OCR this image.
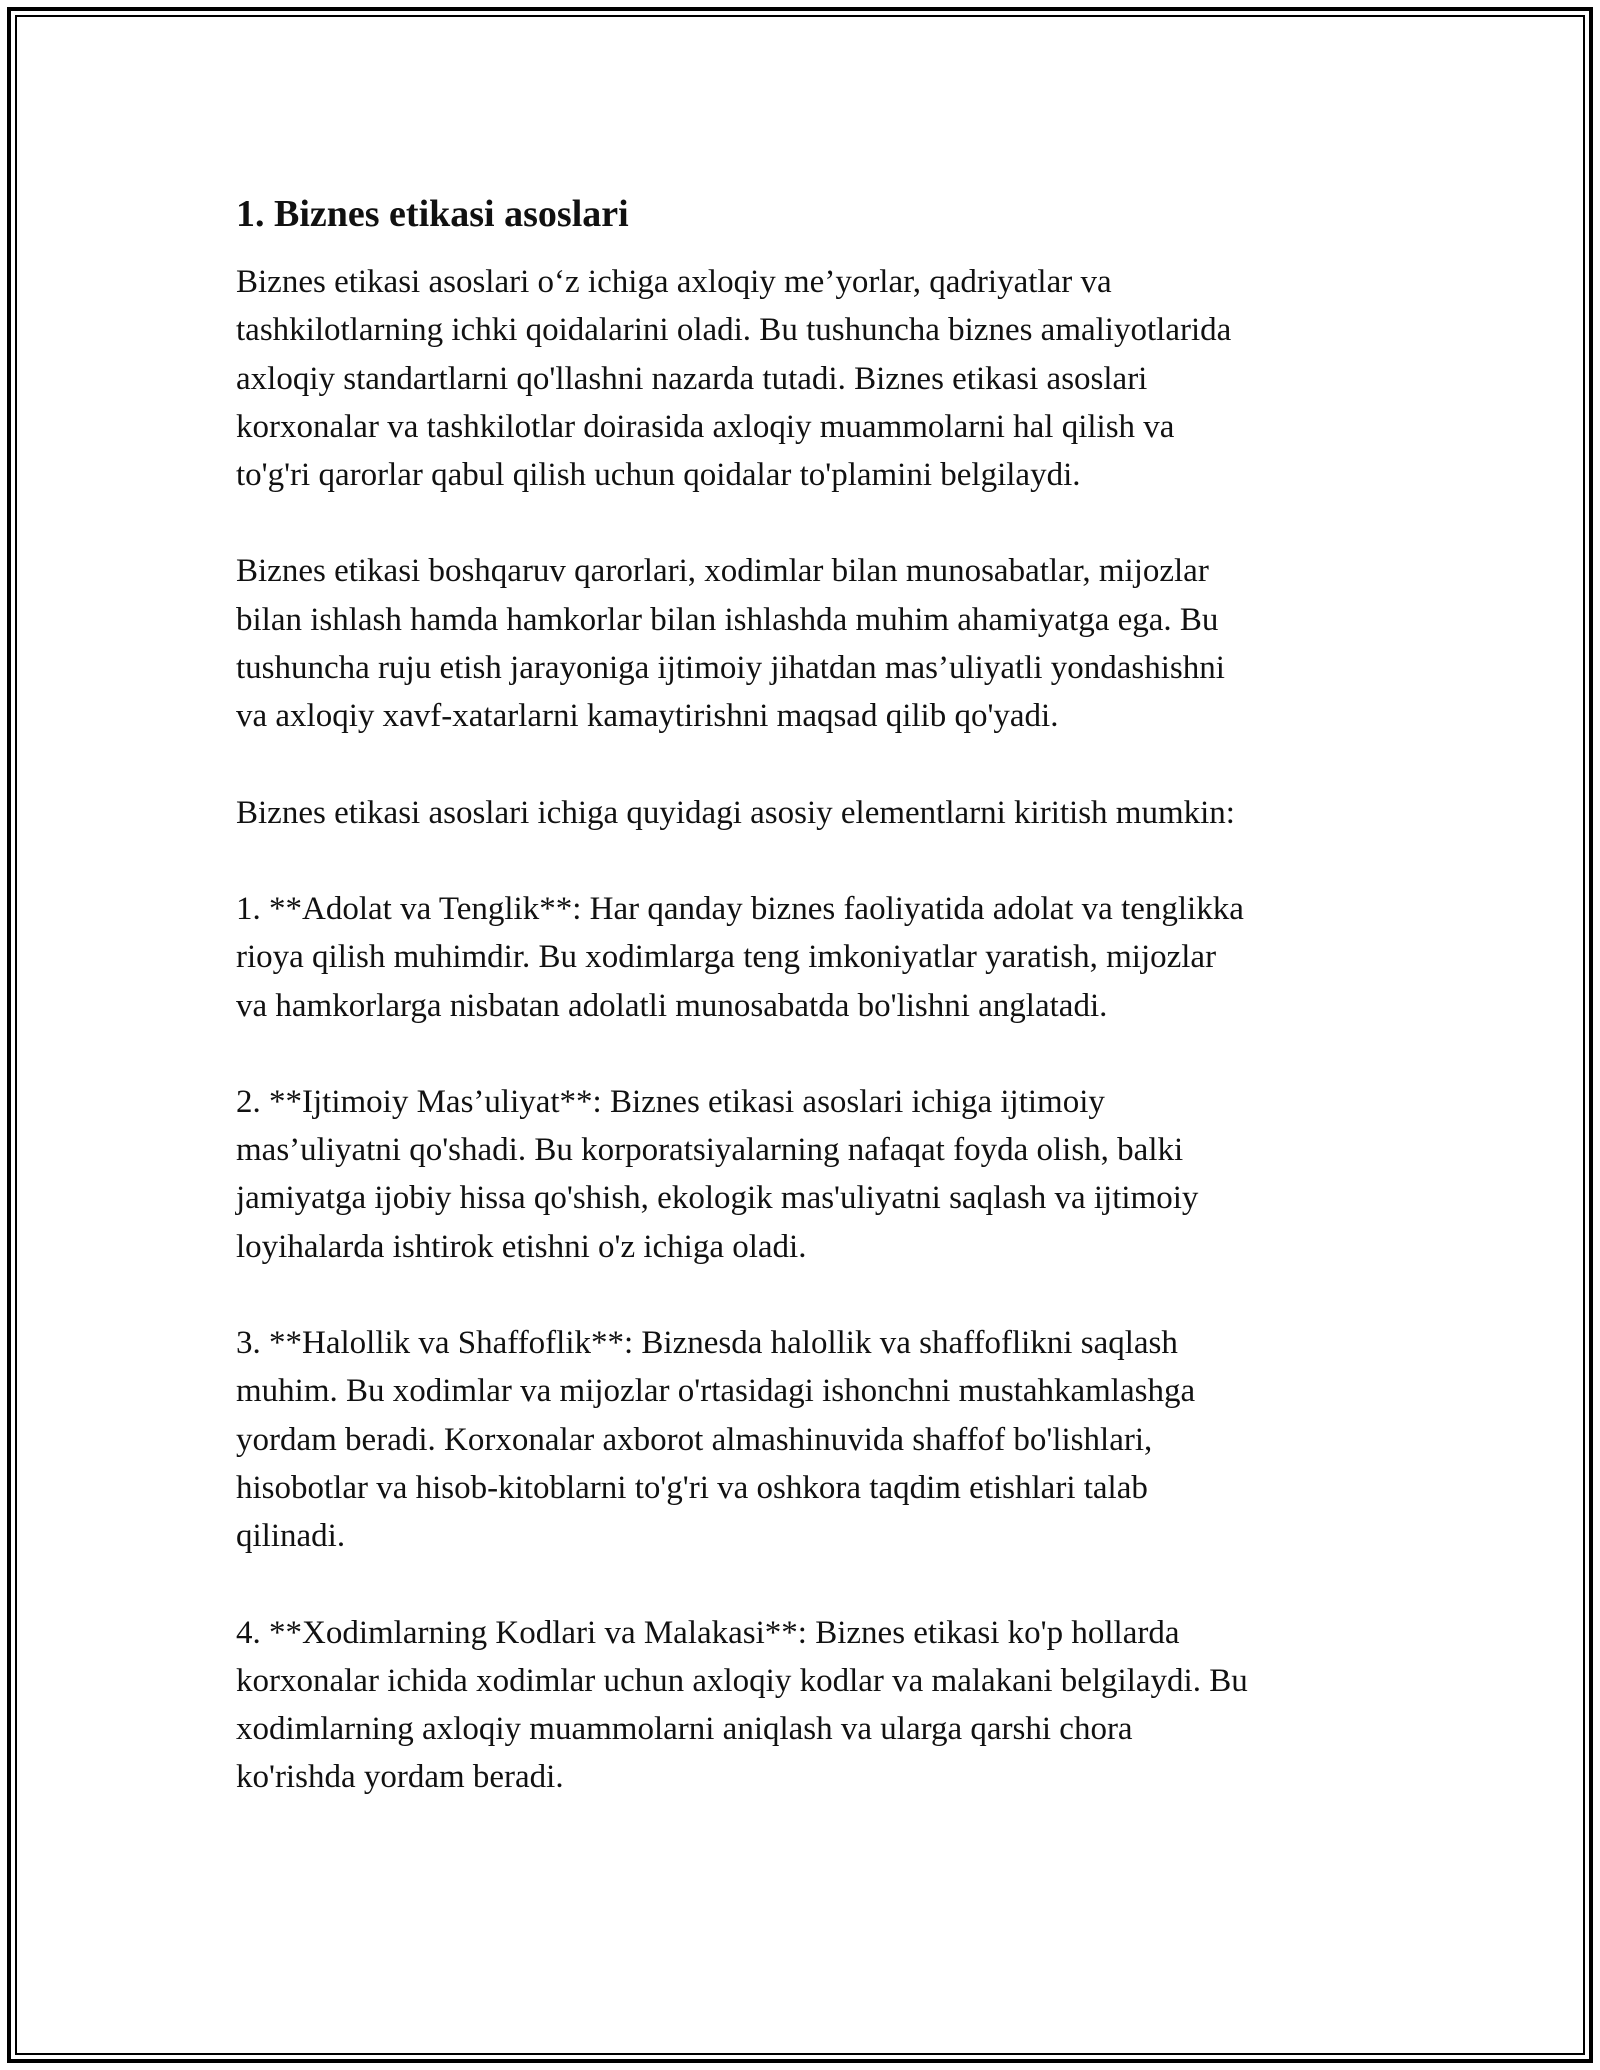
1. Biznes etikasi asoslari

Biznes etikasi asoslari o‘z ichiga axloqiy me’yorlar, qadriyatlar va
tashkilotlarning ichki qoidalarini oladi. Bu tushuncha biznes amaliyotlarida
axloqiy standartlarni qo'llashni nazarda tutadi. Biznes etikasi asoslari
korxonalar va tashkilotlar doirasida axloqiy muammolarni hal qilish va
to'g'ri qarorlar qabul qilish uchun qoidalar to'plamini belgilaydi.

Biznes etikasi boshqaruv qarorlari, xodimlar bilan munosabatlar, mijozlar
bilan ishlash hamda hamkorlar bilan ishlashda muhim ahamiyatga ega. Bu
tushuncha ruju etish jarayoniga ijtimoiy jihatdan mas’uliyatli yondashishni
va axloqiy xavf-xatarlarni kamaytirishni maqsad qilib qo'yadi.

Biznes etikasi asoslari ichiga quyidagi asosiy elementlarni kiritish mumkin:

1. **Adolat va Tenglik**: Har qanday biznes faoliyatida adolat va tenglikka
rioya qilish muhimdir. Bu xodimlarga teng imkoniyatlar yaratish, mijozlar
va hamkorlarga nisbatan adolatli munosabatda bo'lishni anglatadi.

2. **Ijtimoiy Mas’uliyat**: Biznes etikasi asoslari ichiga ijtimoiy
mas’uliyatni qo'shadi. Bu korporatsiyalarning nafaqat foyda olish, balki
jamiyatga ijobiy hissa qo'shish, ekologik mas'uliyatni saqlash va ijtimoiy
loyihalarda ishtirok etishni o'z ichiga oladi.

3. **Halollik va Shaffoflik**: Biznesda halollik va shaffoflikni saqlash
muhim. Bu xodimlar va mijozlar o'rtasidagi ishonchni mustahkamlashga
yordam beradi. Korxonalar axborot almashinuvida shaffof bo'lishlari,
hisobotlar va hisob-kitoblarni to'g'ri va oshkora taqdim etishlari talab
qilinadi.

4. **Xodimlarning Kodlari va Malakasi**: Biznes etikasi ko'p hollarda
korxonalar ichida xodimlar uchun axloqiy kodlar va malakani belgilaydi. Bu
xodimlarning axloqiy muammolarni aniqlash va ularga qarshi chora
ko'rishda yordam beradi.
